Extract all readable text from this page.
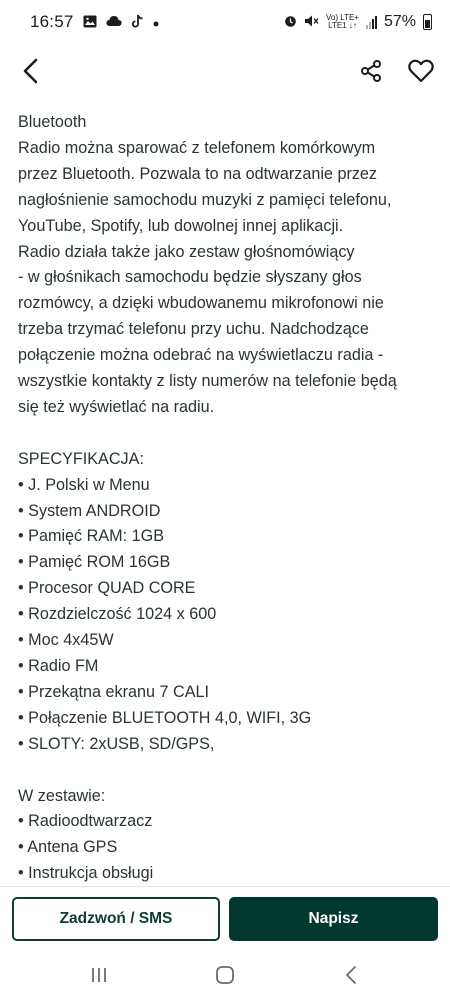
16:57	Vo) LTE+
LTE1 ↓↑ 57%

Bluetooth

Radio można sparować z telefonem komórkowym

przez Bluetooth. Pozwala to na odtwarzanie przez

nagłośnienie samochodu muzyki z pamięci telefonu,

YouTube, Spotify, lub dowolnej innej aplikacji.

Radio działa także jako zestaw głośnomówiący

- w głośnikach samochodu będzie słyszany głos

rozmówcy, a dzięki wbudowanemu mikrofonowi nie

trzeba trzymać telefonu przy uchu. Nadchodzące

połączenie można odebrać na wyświetlaczu radia -

wszystkie kontakty z listy numerów na telefonie będą

się też wyświetlać na radiu.

SPECYFIKACJA:

• J. Polski w Menu

• System ANDROID

• Pamięć RAM: 1GB

• Pamięć ROM 16GB

• Procesor QUAD CORE

• Rozdzielczość 1024 x 600

• Moc 4x45W

• Radio FM

• Przekątna ekranu 7 CALI

• Połączenie BLUETOOTH 4,0, WIFI, 3G

• SLOTY: 2xUSB, SD/GPS,

W zestawie:

• Radioodtwarzacz

• Antena GPS

• Instrukcja obsługi

Zadzwoń / SMS	Napisz
